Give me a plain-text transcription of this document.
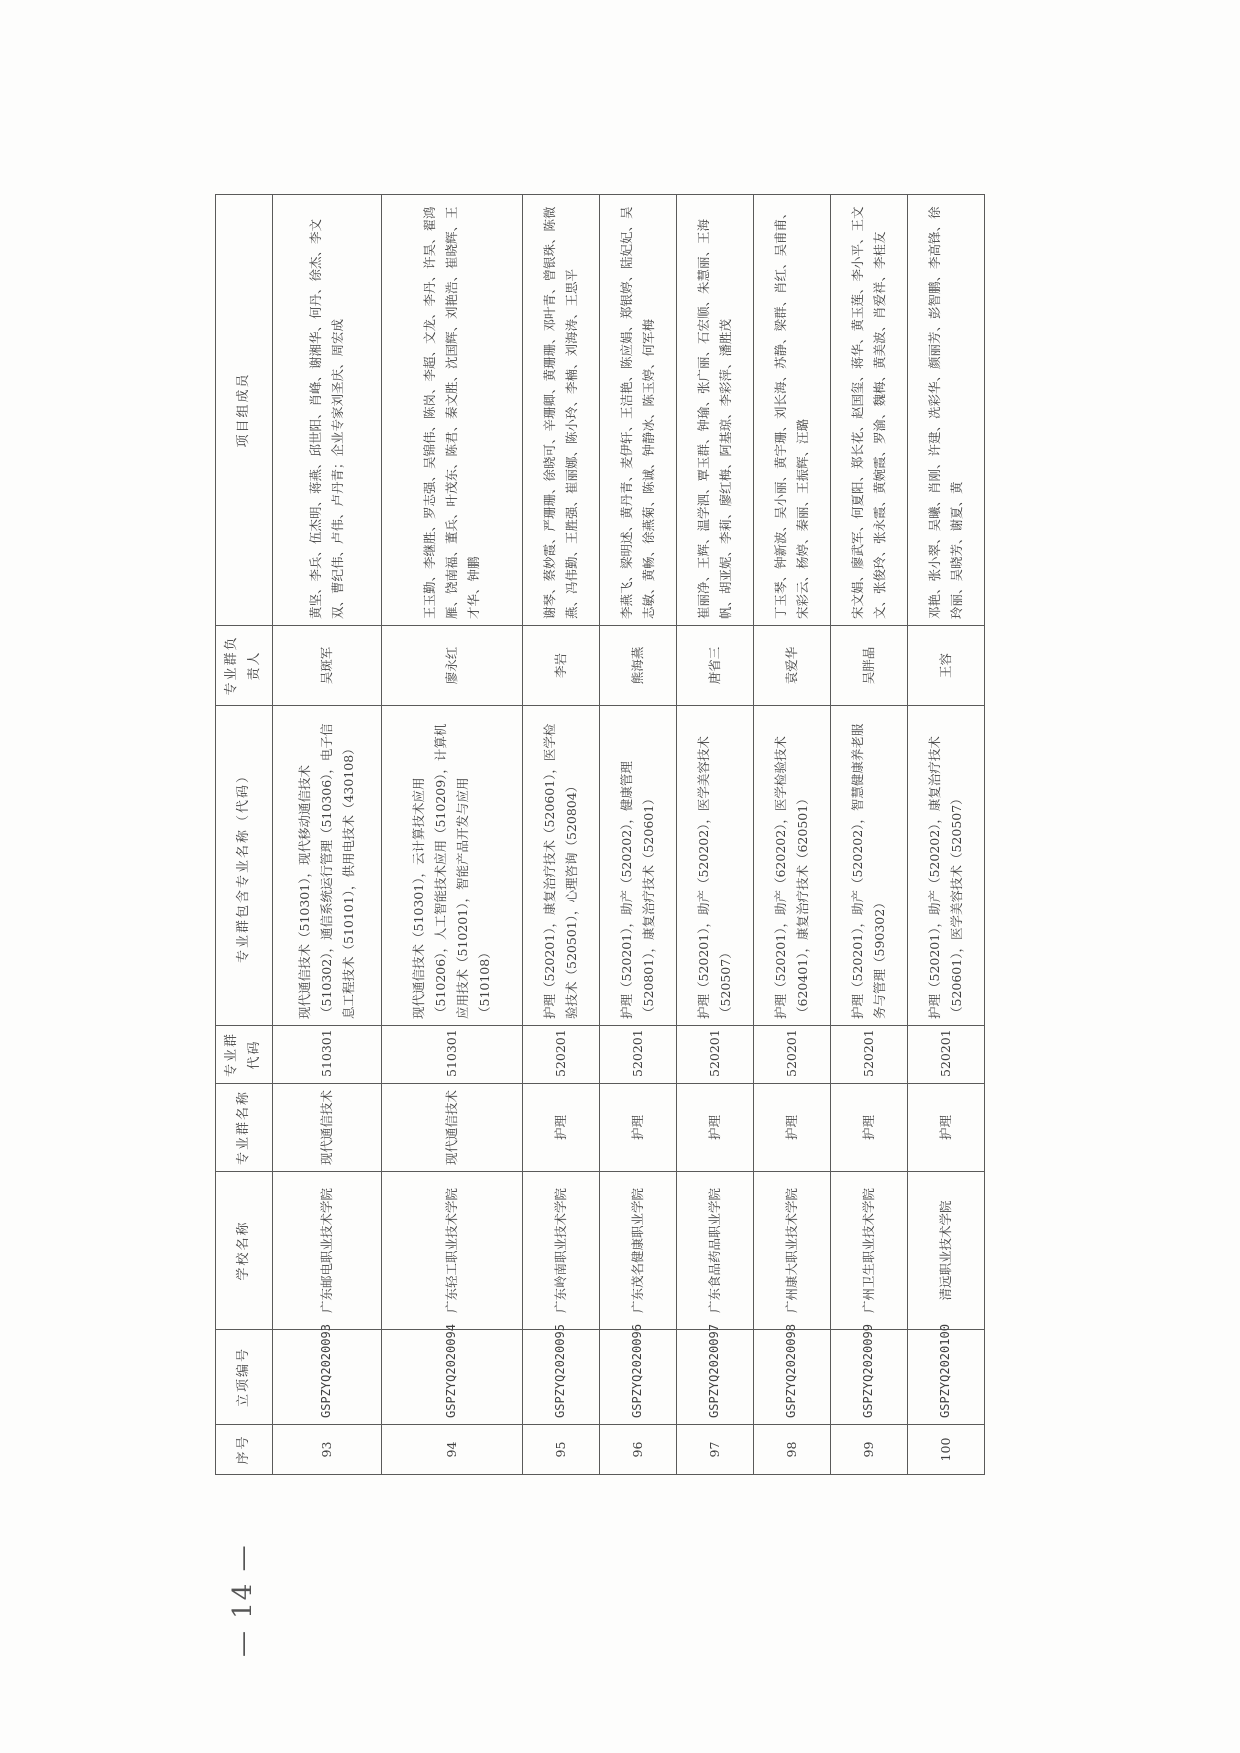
序号	立项编号	学校名称	专业群名称	专业群代码	专业群包含专业名称（代码）	专业群负责人	项目组成员
93	GSPZYQ2020093	广东邮电职业技术学院	现代通信技术	510301	现代通信技术（510301），现代移动通信技术（510302），通信系统运行管理（510306），电子信息工程技术（510101），供用电技术（430108）	吴斑军	黄坚、李兵、伍杰明、蒋燕、邱世阳、肖峰、谢湘华、何丹、徐杰、李文双、曹纪伟、卢伟、卢丹青；企业专家刘圣庆、周宏成
94	GSPZYQ2020094	广东轻工职业技术学院	现代通信技术	510301	现代通信技术（510301），云计算技术应用（510206），人工智能技术应用（510209），计算机应用技术（510201），智能产品开发与应用（510108）	廖永红	王玉勤、李继胜、罗志强、吴锦伟、陈岗、李超、文龙、李丹、许昊、翟鸿雁、饶南福、董兵、叶茂东、陈君、秦文胜、沈国辉、刘艳浩、崔晓辉、王才华、钟鹏
95	GSPZYQ2020095	广东岭南职业技术学院	护理	520201	护理（520201），康复治疗技术（520601），医学检验技术（520501），心理咨询（520804）	李岩	谢琴、蔡妙霞、严珊珊、徐晓可、辛珊卿、黄珊珊、邓叶青、曾银珠、陈微燕、冯伟勤、王胜强、崔丽娜、陈小玲、李楠、刘海涛、王思平
96	GSPZYQ2020096	广东茂名健康职业学院	护理	520201	护理（520201），助产（520202），健康管理（520801），康复治疗技术（520601）	熊海燕	李燕飞、梁明述、黄丹青、麦伊轩、王洁艳、陈应娟、郑银婷、陆妃妃、吴志敏、黄畅、徐燕菊、陈诚、钟静冰、陈玉婷、何军梅
97	GSPZYQ2020097	广东食品药品职业学院	护理	520201	护理（520201），助产（520202），医学美容技术（520507）	唐省三	崔丽净、王辉、温学泗、覃玉群、钟瑜、张广丽、石宏顺、朱慧丽、王海帆、胡亚妮、李莉、廖红梅、阿基琼、李彩萍、潘胜茂
98	GSPZYQ2020098	广州康大职业技术学院	护理	520201	护理（520201），助产（620202），医学检验技术（620401），康复治疗技术（620501）	袁爱华	丁玉琴、钟新波、吴小丽、黄宇珊、刘长海、苏静、梁群、肖红、吴甫甫、宋彩云、杨婷、秦丽、王振辉、汪璐
99	GSPZYQ2020099	广州卫生职业技术学院	护理	520201	护理（520201），助产（520202），智慧健康养老服务与管理（590302）	吴胖晶	宋文娟、廖武军、何夏阳、郑长花、赵国玺、蒋华、黄玉莲、李小平、王文文、张俊玲、张永霞、黄婉霞、罗渝、魏梅、黄美波、肖爱祥、李桂友
100	GSPZYQ2020100	清远职业技术学院	护理	520201	护理（520201），助产（520202），康复治疗技术（520601），医学美容技术（520507）	王容	邓艳、张小翠、吴曦、肖刚、许建、冼彩华、颜丽芳、彭智鹏、李高锋、徐玲丽、吴晓芳、谢夏、黄
— 14 —
